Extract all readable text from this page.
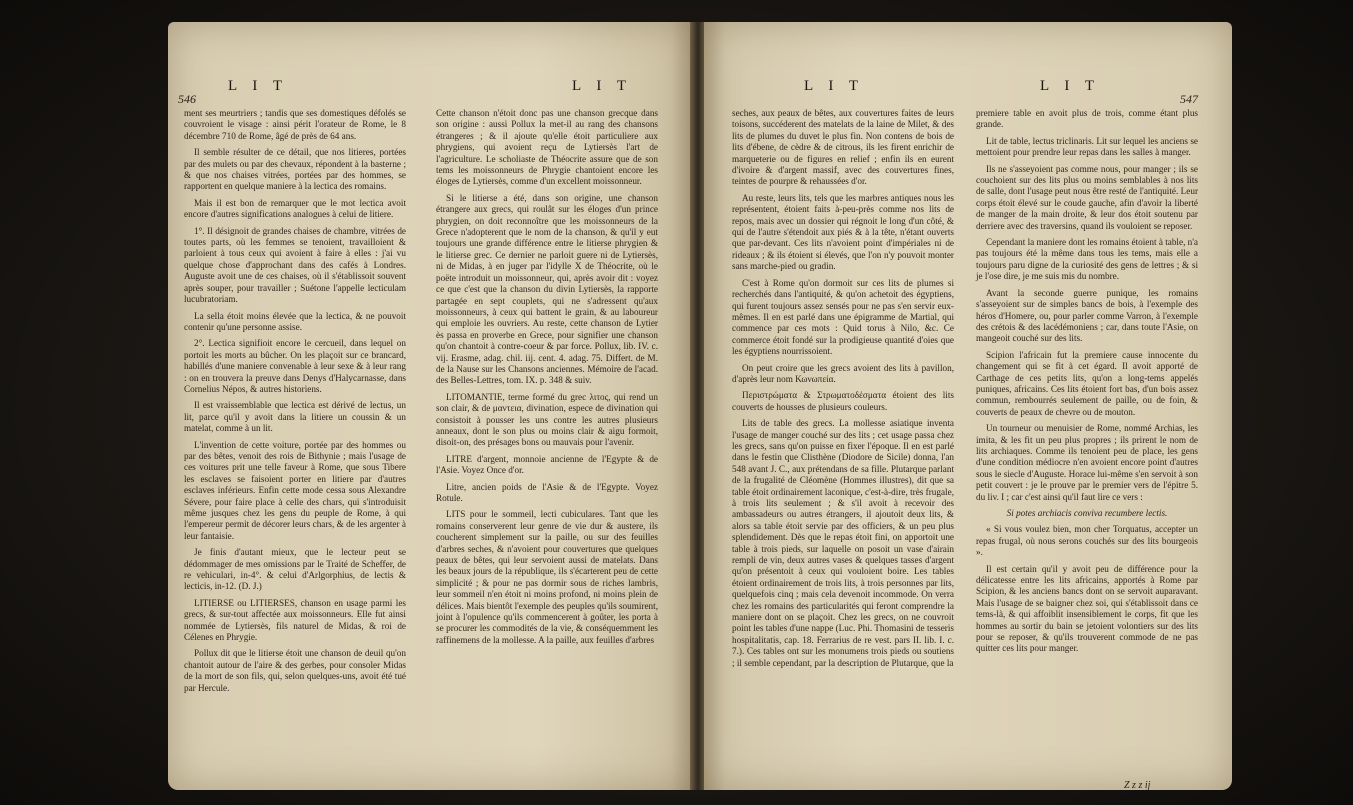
546
L I T	L I T

ment ses meurtriers ; tandis que ses domestiques défolés se couvroient le visage : ainsi périt l'orateur de Rome, le 8 décembre 710 de Rome, âgé de près de 64 ans.

Il semble résulter de ce détail, que nos litieres, portées par des mulets ou par des chevaux, répondent à la basterne ; & que nos chaises vitrées, portées par des hommes, se rapportent en quelque maniere à la lectica des romains.

Mais il est bon de remarquer que le mot lectica avoit encore d'autres significations analogues à celui de litiere.

1°. Il désignoit de grandes chaises de chambre, vitrées de toutes parts, où les femmes se tenoient, travailloient & parloient à tous ceux qui avoient à faire à elles : j'ai vu quelque chose d'approchant dans des cafés à Londres. Auguste avoit une de ces chaises, où il s'établissoit souvent après souper, pour travailler ; Suétone l'appelle lecticulam lucubratoriam.

La sella étoit moins élevée que la lectica, & ne pouvoit contenir qu'une personne assise.

2°. Lectica signifioit encore le cercueil, dans lequel on portoit les morts au bûcher. On les plaçoit sur ce brancard, habillés d'une maniere convenable à leur sexe & à leur rang : on en trouvera la preuve dans Denys d'Halycarnasse, dans Cornelius Népos, & autres historiens.

Il est vraissemblable que lectica est dérivé de lectus, un lit, parce qu'il y avoit dans la litiere un coussin & un matelat, comme à un lit.

L'invention de cette voiture, portée par des hommes ou par des bêtes, venoit des rois de Bithynie ; mais l'usage de ces voitures prit une telle faveur à Rome, que sous Tibere les esclaves se faisoient porter en litiere par d'autres esclaves inférieurs. Enfin cette mode cessa sous Alexandre Sévere, pour faire place à celle des chars, qui s'introduisit même jusques chez les gens du peuple de Rome, à qui l'empereur permit de décorer leurs chars, & de les argenter à leur fantaisie.

Je finis d'autant mieux, que le lecteur peut se dédommager de mes omissions par le Traité de Scheffer, de re vehiculari, in-4°. & celui d'Arlgorphius, de lectis & lecticis, in-12. (D. J.)

LITIERSE ou LITIERSES, chanson en usage parmi les grecs, & sur-tout affectée aux moissonneurs. Elle fut ainsi nommée de Lytiersès, fils naturel de Midas, & roi de Célenes en Phrygie.

Pollux dit que le litierse étoit une chanson de deuil qu'on chantoit autour de l'aire & des gerbes, pour consoler Midas de la mort de son fils, qui, selon quelques-uns, avoit été tué par Hercule.

Cette chanson n'étoit donc pas une chanson grecque dans son origine : aussi Pollux la met-il au rang des chansons étrangeres ; & il ajoute qu'elle étoit particuliere aux phrygiens, qui avoient reçu de Lytiersès l'art de l'agriculture. Le scholiaste de Théocrite assure que de son tems les moissonneurs de Phrygie chantoient encore les éloges de Lytiersès, comme d'un excellent moissonneur.

Si le litierse a été, dans son origine, une chanson étrangere aux grecs, qui roulât sur les éloges d'un prince phrygien, on doit reconnoître que les moissonneurs de la Grece n'adopterent que le nom de la chanson, & qu'il y eut toujours une grande différence entre le litierse phrygien & le litierse grec. Ce dernier ne parloit guere ni de Lytiersès, ni de Midas, à en juger par l'idylle X de Théocrite, où le poëte introduit un moissonneur, qui, après avoir dit : voyez ce que c'est que la chanson du divin Lytiersès, la rapporte partagée en sept couplets, qui ne s'adressent qu'aux moissonneurs, à ceux qui battent le grain, & au laboureur qui emploie les ouvriers. Au reste, cette chanson de Lytier ès passa en proverbe en Grece, pour signifier une chanson qu'on chantoit à contre-coeur & par force. Pollux, lib. IV. c. vij. Erasme, adag. chil. iij. cent. 4. adag. 75. Differt. de M. de la Nause sur les Chansons anciennes. Mémoire de l'acad. des Belles-Lettres, tom. IX. p. 348 & suiv.

LITOMANTIE, terme formé du grec λιτος, qui rend un son clair, & de μαντεια, divination, espece de divination qui consistoit à pousser les uns contre les autres plusieurs anneaux, dont le son plus ou moins clair & aigu formoit, disoit-on, des présages bons ou mauvais pour l'avenir.

LITRE d'argent, monnoie ancienne de l'Egypte & de l'Asie. Voyez Once d'or.

Litre, ancien poids de l'Asie & de l'Egypte. Voyez Rotule.

LITS pour le sommeil, lecti cubiculares. Tant que les romains conserverent leur genre de vie dur & austere, ils coucherent simplement sur la paille, ou sur des feuilles d'arbres seches, & n'avoient pour couvertures que quelques peaux de bêtes, qui leur servoient aussi de matelats. Dans les beaux jours de la république, ils s'écarterent peu de cette simplicité ; & pour ne pas dormir sous de riches lambris, leur sommeil n'en étoit ni moins profond, ni moins plein de délices. Mais bientôt l'exemple des peuples qu'ils soumirent, joint à l'opulence qu'ils commencerent à goûter, les porta à se procurer les commodités de la vie, & conséquemment les raffinemens de la mollesse. A la paille, aux feuilles d'arbres

L I T	L I T
547

seches, aux peaux de bêtes, aux couvertures faites de leurs toisons, succéderent des matelats de la laine de Milet, & des lits de plumes du duvet le plus fin. Non contens de bois de lits d'ébene, de cèdre & de citrous, ils les firent enrichir de marqueterie ou de figures en relief ; enfin ils en eurent d'ivoire & d'argent massif, avec des couvertures fines, teintes de pourpre & rehaussées d'or.

Au reste, leurs lits, tels que les marbres antiques nous les représentent, étoient faits à-peu-près comme nos lits de repos, mais avec un dossier qui régnoit le long d'un côté, & qui de l'autre s'étendoit aux piés & à la tête, n'étant ouverts que par-devant. Ces lits n'avoient point d'impériales ni de rideaux ; & ils étoient si élevés, que l'on n'y pouvoit monter sans marche-pied ou gradin.

C'est à Rome qu'on dormoit sur ces lits de plumes si recherchés dans l'antiquité, & qu'on achetoit des égyptiens, qui furent toujours assez sensés pour ne pas s'en servir eux-mêmes. Il en est parlé dans une épigramme de Martial, qui commence par ces mots : Quid torus à Nilo, &c. Ce commerce étoit fondé sur la prodigieuse quantité d'oies que les égyptiens nourrissoient.

On peut croire que les grecs avoient des lits à pavillon, d'après leur nom Κωνωπεία.

Περιστρώματα & Στρωματοδέσματα étoient des lits couverts de housses de plusieurs couleurs.

Lits de table des grecs. La mollesse asiatique inventa l'usage de manger couché sur des lits ; cet usage passa chez les grecs, sans qu'on puisse en fixer l'époque. Il en est parlé dans le festin que Clisthène (Diodore de Sicile) donna, l'an 548 avant J. C., aux prétendans de sa fille. Plutarque parlant de la frugalité de Cléomène (Hommes illustres), dit que sa table étoit ordinairement laconique, c'est-à-dire, très frugale, à trois lits seulement ; & s'il avoit à recevoir des ambassadeurs ou autres étrangers, il ajoutoit deux lits, & alors sa table étoit servie par des officiers, & un peu plus splendidement. Dès que le repas étoit fini, on apportoit une table à trois pieds, sur laquelle on posoit un vase d'airain rempli de vin, deux autres vases & quelques tasses d'argent qu'on présentoit à ceux qui vouloient boire. Les tables étoient ordinairement de trois lits, à trois personnes par lits, quelquefois cinq ; mais cela devenoit incommode. On verra chez les romains des particularités qui feront comprendre la maniere dont on se plaçoit. Chez les grecs, on ne couvroit point les tables d'une nappe (Luc. Phi. Thomasini de tesseris hospitalitatis, cap. 18. Ferrarius de re vest. pars II. lib. I. c. 7.). Ces tables ont sur les monumens trois pieds ou soutiens ; il semble cependant, par la description de Plutarque, que la

premiere table en avoit plus de trois, comme étant plus grande.

Lit de table, lectus triclinaris. Lit sur lequel les anciens se mettoient pour prendre leur repas dans les salles à manger.

Ils ne s'asseyoient pas comme nous, pour manger ; ils se couchoient sur des lits plus ou moins semblables à nos lits de salle, dont l'usage peut nous être resté de l'antiquité. Leur corps étoit élevé sur le coude gauche, afin d'avoir la liberté de manger de la main droite, & leur dos étoit soutenu par derriere avec des traversins, quand ils vouloient se reposer.

Cependant la maniere dont les romains étoient à table, n'a pas toujours été la même dans tous les tems, mais elle a toujours paru digne de la curiosité des gens de lettres ; & si je l'ose dire, je me suis mis du nombre.

Avant la seconde guerre punique, les romains s'asseyoient sur de simples bancs de bois, à l'exemple des héros d'Homere, ou, pour parler comme Varron, à l'exemple des crétois & des lacédémoniens ; car, dans toute l'Asie, on mangeoit couché sur des lits.

Scipion l'africain fut la premiere cause innocente du changement qui se fit à cet égard. Il avoit apporté de Carthage de ces petits lits, qu'on a long-tems appelés puniques, africains. Ces lits étoient fort bas, d'un bois assez commun, rembourrés seulement de paille, ou de foin, & couverts de peaux de chevre ou de mouton.

Un tourneur ou menuisier de Rome, nommé Archias, les imita, & les fit un peu plus propres ; ils prirent le nom de lits archiaques. Comme ils tenoient peu de place, les gens d'une condition médiocre n'en avoient encore point d'autres sous le siecle d'Auguste. Horace lui-même s'en servoit à son petit couvert : je le prouve par le premier vers de l'épitre 5. du liv. I ; car c'est ainsi qu'il faut lire ce vers :

Si potes archiacis conviva recumbere lectis.

« Si vous voulez bien, mon cher Torquatus, accepter un repas frugal, où nous serons couchés sur des lits bourgeois ».

Il est certain qu'il y avoit peu de différence pour la délicatesse entre les lits africains, apportés à Rome par Scipion, & les anciens bancs dont on se servoit auparavant. Mais l'usage de se baigner chez soi, qui s'établissoit dans ce tems-là, & qui affoiblit insensiblement le corps, fit que les hommes au sortir du bain se jetoient volontiers sur des lits pour se reposer, & qu'ils trouverent commode de ne pas quitter ces lits pour manger.

Z z z ij
